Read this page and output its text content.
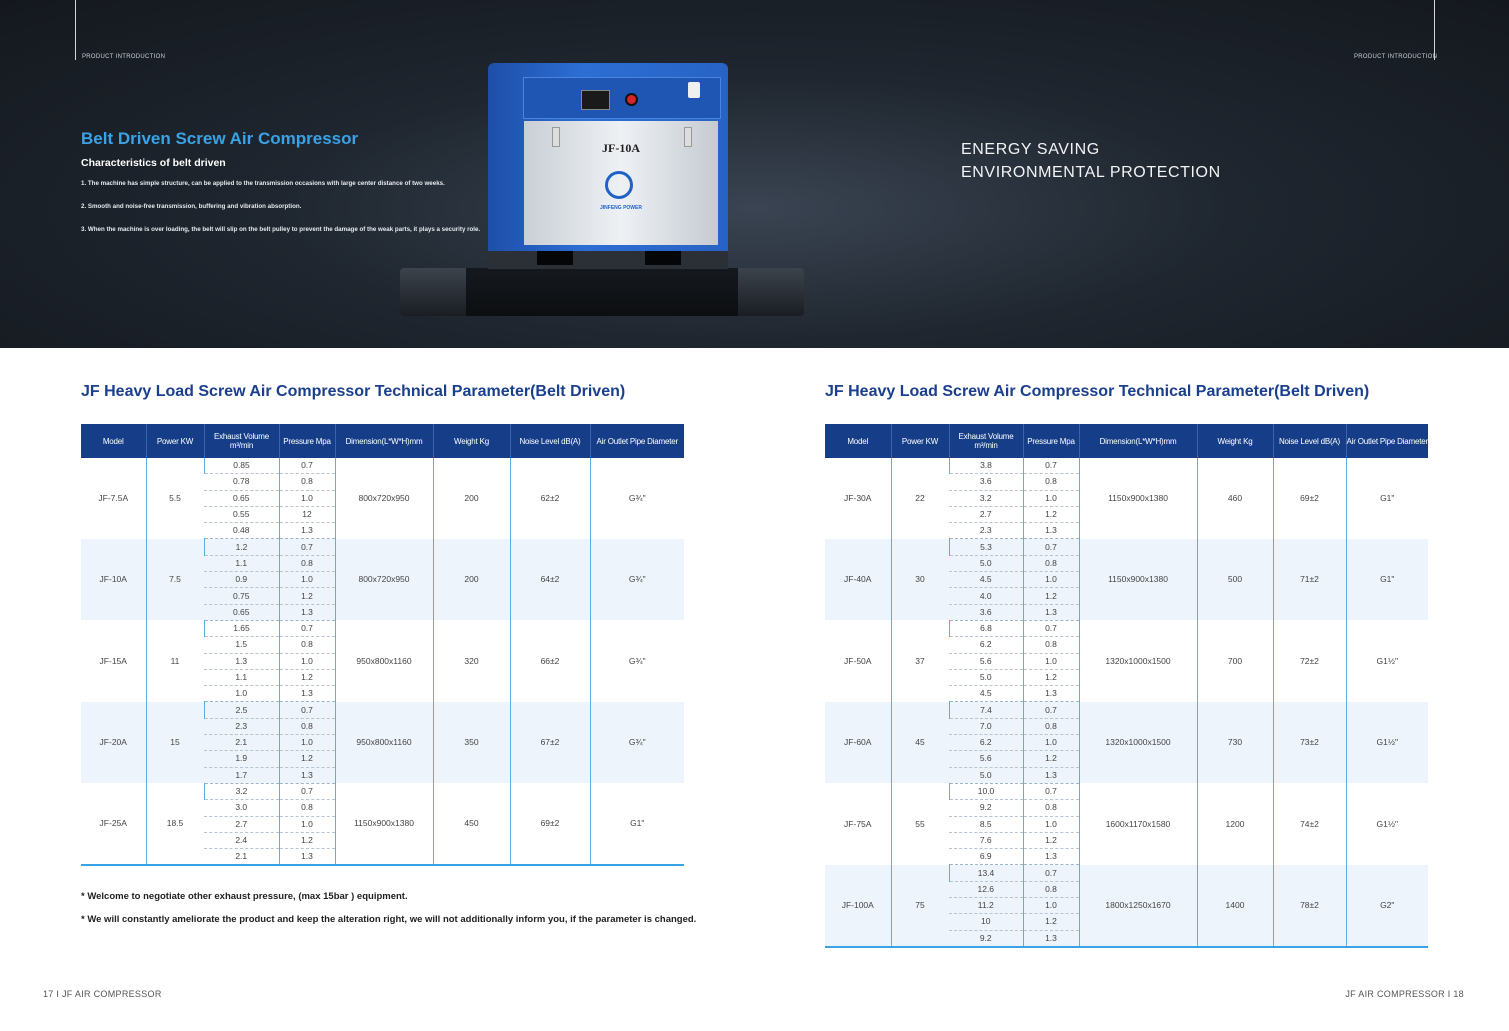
PRODUCT INTRODUCTION	PRODUCT INTRODUCTION
Belt Driven Screw Air Compressor
Characteristics of belt driven
1. The machine has simple structure, can be applied to the transmission occasions with large center distance of two weeks.
2. Smooth and noise-free transmission, buffering and vibration absorption.
3. When the machine is over loading, the belt will slip on the belt pulley to prevent the damage of the weak parts, it plays a security role.
ENERGY SAVING
ENVIRONMENTAL PROTECTION
JF-10A
JINFENG POWER
JF Heavy Load Screw Air Compressor Technical Parameter(Belt Driven)	JF Heavy Load Screw Air Compressor Technical Parameter(Belt Driven)
Model	Power KW	Exhaust Volume m³/min	Pressure Mpa	Dimension(L*W*H)mm	Weight Kg	Noise Level dB(A)	Air Outlet Pipe Diameter
JF-7.5A	5.5	0.85	0.7	800x720x950	200	62±2	G¾"
		0.78	0.8				
		0.65	1.0				
		0.55	12				
		0.48	1.3				
JF-10A	7.5	1.2	0.7	800x720x950	200	64±2	G¾"
		1.1	0.8				
		0.9	1.0				
		0.75	1.2				
		0.65	1.3				
JF-15A	11	1.65	0.7	950x800x1160	320	66±2	G¾"
		1.5	0.8				
		1.3	1.0				
		1.1	1.2				
		1.0	1.3				
JF-20A	15	2.5	0.7	950x800x1160	350	67±2	G¾"
		2.3	0.8				
		2.1	1.0				
		1.9	1.2				
		1.7	1.3				
JF-25A	18.5	3.2	0.7	1150x900x1380	450	69±2	G1"
		3.0	0.8				
		2.7	1.0				
		2.4	1.2				
		2.1	1.3				
Model	Power KW	Exhaust Volume m³/min	Pressure Mpa	Dimension(L*W*H)mm	Weight Kg	Noise Level dB(A)	Air Outlet Pipe Diameter
JF-30A	22	3.8	0.7	1150x900x1380	460	69±2	G1"
		3.6	0.8				
		3.2	1.0				
		2.7	1.2				
		2.3	1.3				
JF-40A	30	5.3	0.7	1150x900x1380	500	71±2	G1"
		5.0	0.8				
		4.5	1.0				
		4.0	1.2				
		3.6	1.3				
JF-50A	37	6.8	0.7	1320x1000x1500	700	72±2	G1½"
		6.2	0.8				
		5.6	1.0				
		5.0	1.2				
		4.5	1.3				
JF-60A	45	7.4	0.7	1320x1000x1500	730	73±2	G1½"
		7.0	0.8				
		6.2	1.0				
		5.6	1.2				
		5.0	1.3				
JF-75A	55	10.0	0.7	1600x1170x1580	1200	74±2	G1½"
		9.2	0.8				
		8.5	1.0				
		7.6	1.2				
		6.9	1.3				
JF-100A	75	13.4	0.7	1800x1250x1670	1400	78±2	G2"
		12.6	0.8				
		11.2	1.0				
		10	1.2				
		9.2	1.3				
* Welcome to negotiate other exhaust pressure, (max 15bar ) equipment.
* We will constantly ameliorate the product and keep the alteration right, we will not additionally inform you, if the parameter is changed.
17 I JF AIR COMPRESSOR	JF AIR COMPRESSOR I 18
